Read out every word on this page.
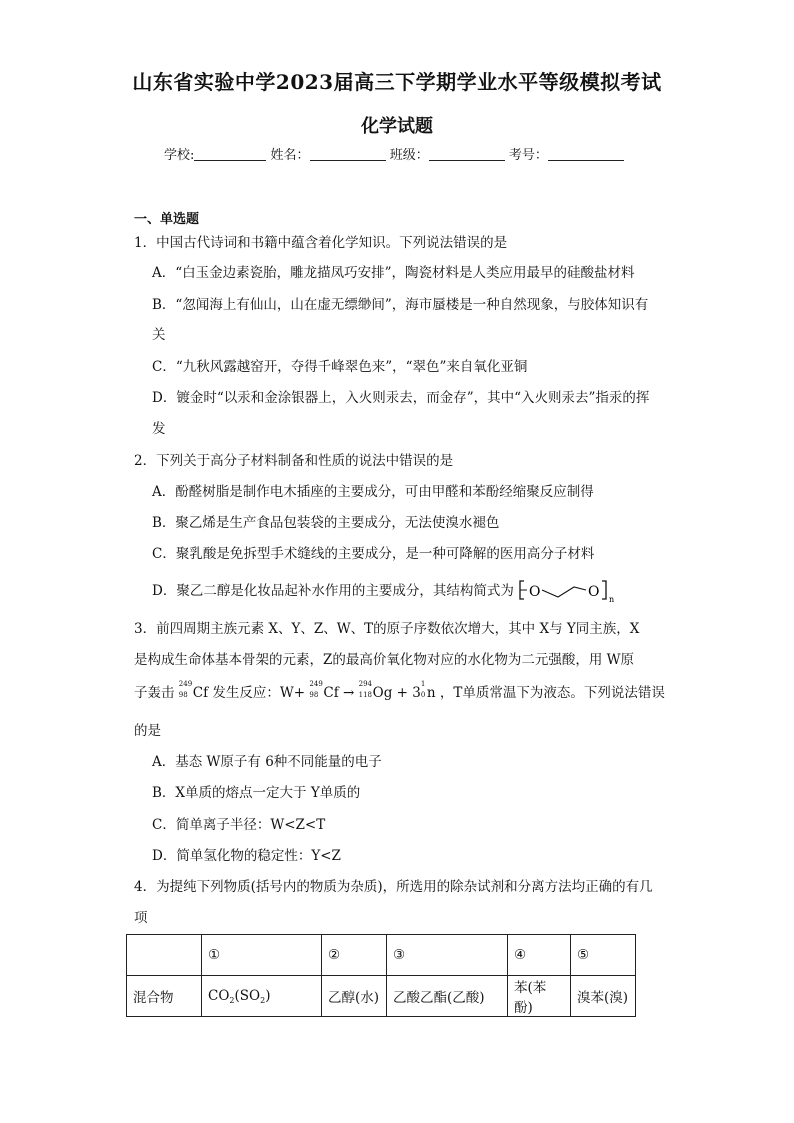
山东省实验中学2023届高三下学期学业水平等级模拟考试
化学试题
学校:	姓名：	班级：	考号：
一、单选题
1．中国古代诗词和书籍中蕴含着化学知识。下列说法错误的是
A．“白玉金边素瓷胎，雕龙描凤巧安排”，陶瓷材料是人类应用最早的硅酸盐材料
B．“忽闻海上有仙山，山在虚无缥缈间”，海市蜃楼是一种自然现象，与胶体知识有
关
C．“九秋风露越窑开，夺得千峰翠色来”，“翠色”来自氧化亚铜
D．镀金时“以汞和金涂银器上，入火则汞去，而金存”，其中“入火则汞去”指汞的挥
发
2．下列关于高分子材料制备和性质的说法中错误的是
A．酚醛树脂是制作电木插座的主要成分，可由甲醛和苯酚经缩聚反应制得
B．聚乙烯是生产食品包装袋的主要成分，无法使溴水褪色
C．聚乳酸是免拆型手术缝线的主要成分，是一种可降解的医用高分子材料
D．聚乙二醇是化妆品起补水作用的主要成分，其结构简式为 O	O n
3．前四周期主族元素 X、Y、Z、W、T的原子序数依次增大，其中 X与 Y同主族，X
是构成生命体基本骨架的元素，Z的最高价氧化物对应的水化物为二元强酸，用 W原
子轰击
249
98 Cf 发生反应：W+
249
98 Cf →
294
118 Og + 3
1
0 n ，T单质常温下为液态。下列说法错误
的是
A．基态 W原子有 6种不同能量的电子
B．X单质的熔点一定大于 Y单质的
C．简单离子半径：W<Z<T
D．简单氢化物的稳定性：Y<Z
4．为提纯下列物质(括号内的物质为杂质)，所选用的除杂试剂和分离方法均正确的有几
项
	①	②	③	④	⑤
混合物	$CO_2(SO_2)$	乙醇(水)	乙酸乙酯(乙酸)	苯(苯酚)	溴苯(溴)
